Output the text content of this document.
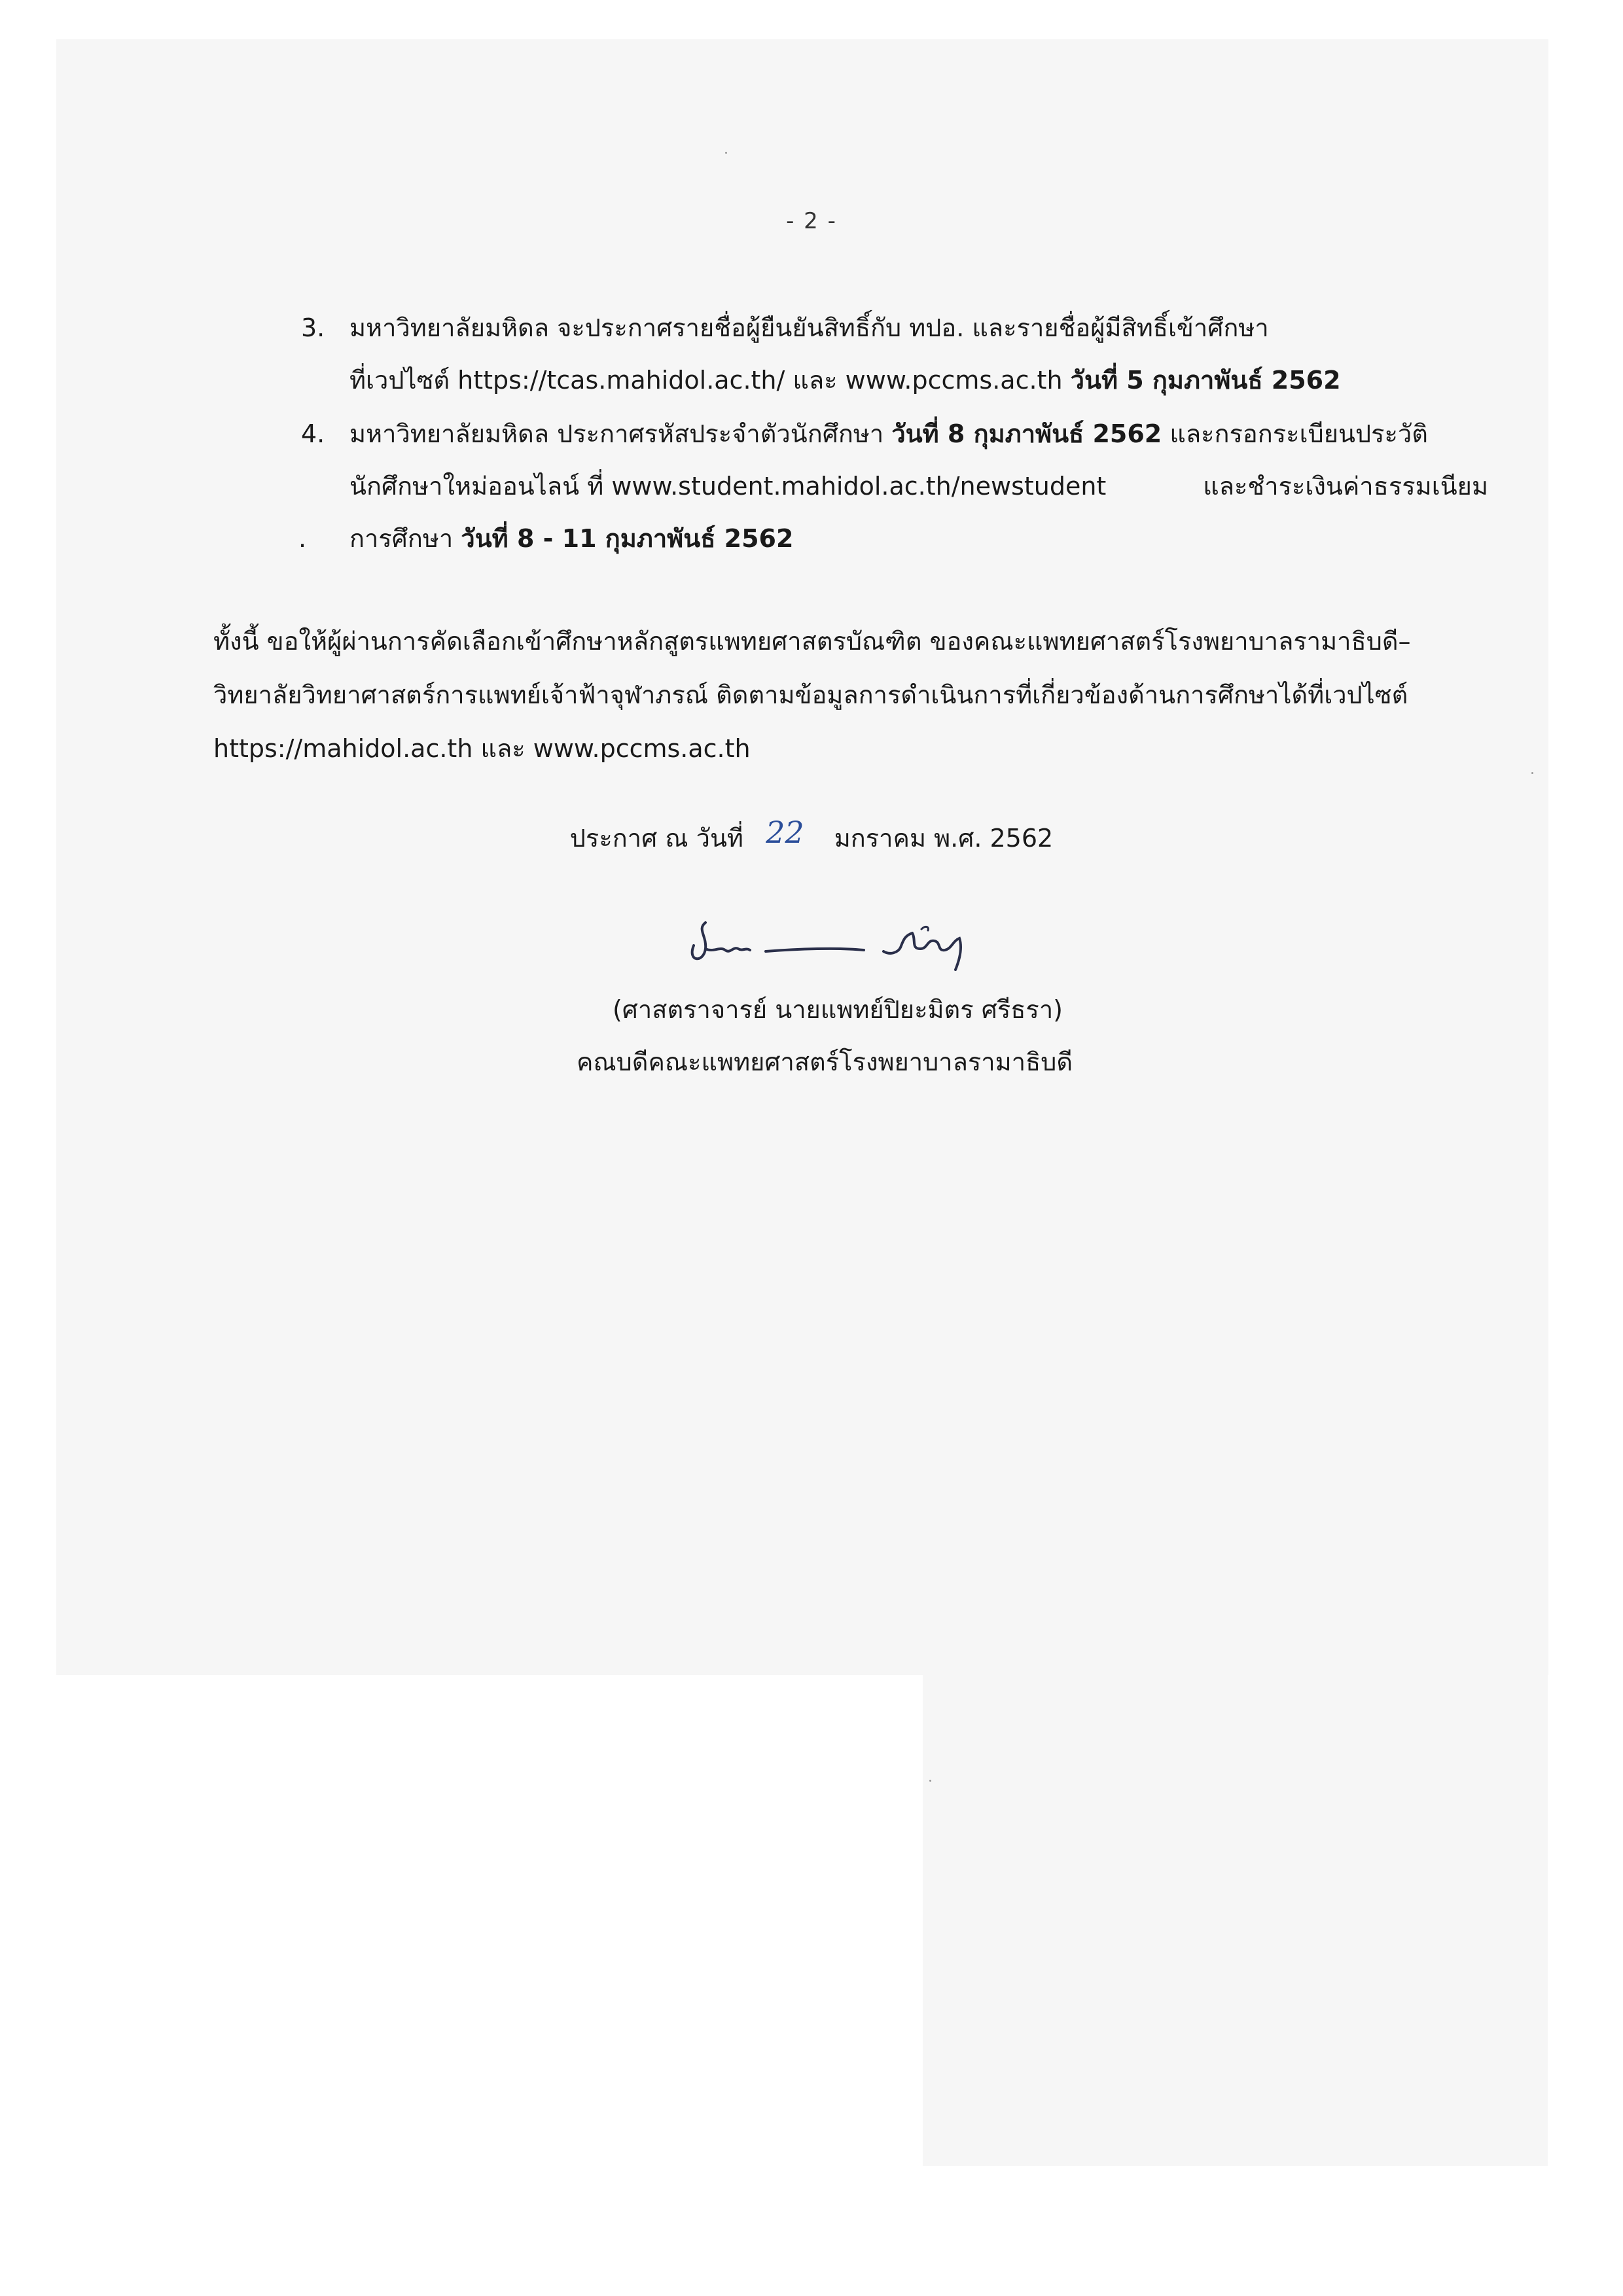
- 2 -
3. มหาวิทยาลัยมหิดล จะประกาศรายชื่อผู้ยืนยันสิทธิ์กับ ทปอ. และรายชื่อผู้มีสิทธิ์เข้าศึกษา
ที่เวปไซต์ https://tcas.mahidol.ac.th/ และ www.pccms.ac.th วันที่ 5 กุมภาพันธ์ 2562
4. มหาวิทยาลัยมหิดล ประกาศรหัสประจำตัวนักศึกษา วันที่ 8 กุมภาพันธ์ 2562 และกรอกระเบียนประวัติ
นักศึกษาใหม่ออนไลน์ ที่ www.student.mahidol.ac.th/newstudent	และชำระเงินค่าธรรมเนียม
. การศึกษา วันที่ 8 - 11 กุมภาพันธ์ 2562
ทั้งนี้ ขอให้ผู้ผ่านการคัดเลือกเข้าศึกษาหลักสูตรแพทยศาสตรบัณฑิต ของคณะแพทยศาสตร์โรงพยาบาลรามาธิบดี–
วิทยาลัยวิทยาศาสตร์การแพทย์เจ้าฟ้าจุฬาภรณ์ ติดตามข้อมูลการดำเนินการที่เกี่ยวข้องด้านการศึกษาได้ที่เวปไซต์
https://mahidol.ac.th และ www.pccms.ac.th
ประกาศ ณ วันที่ 22 มกราคม พ.ศ. 2562
(ศาสตราจารย์ นายแพทย์ปิยะมิตร ศรีธรา)
คณบดีคณะแพทยศาสตร์โรงพยาบาลรามาธิบดี
